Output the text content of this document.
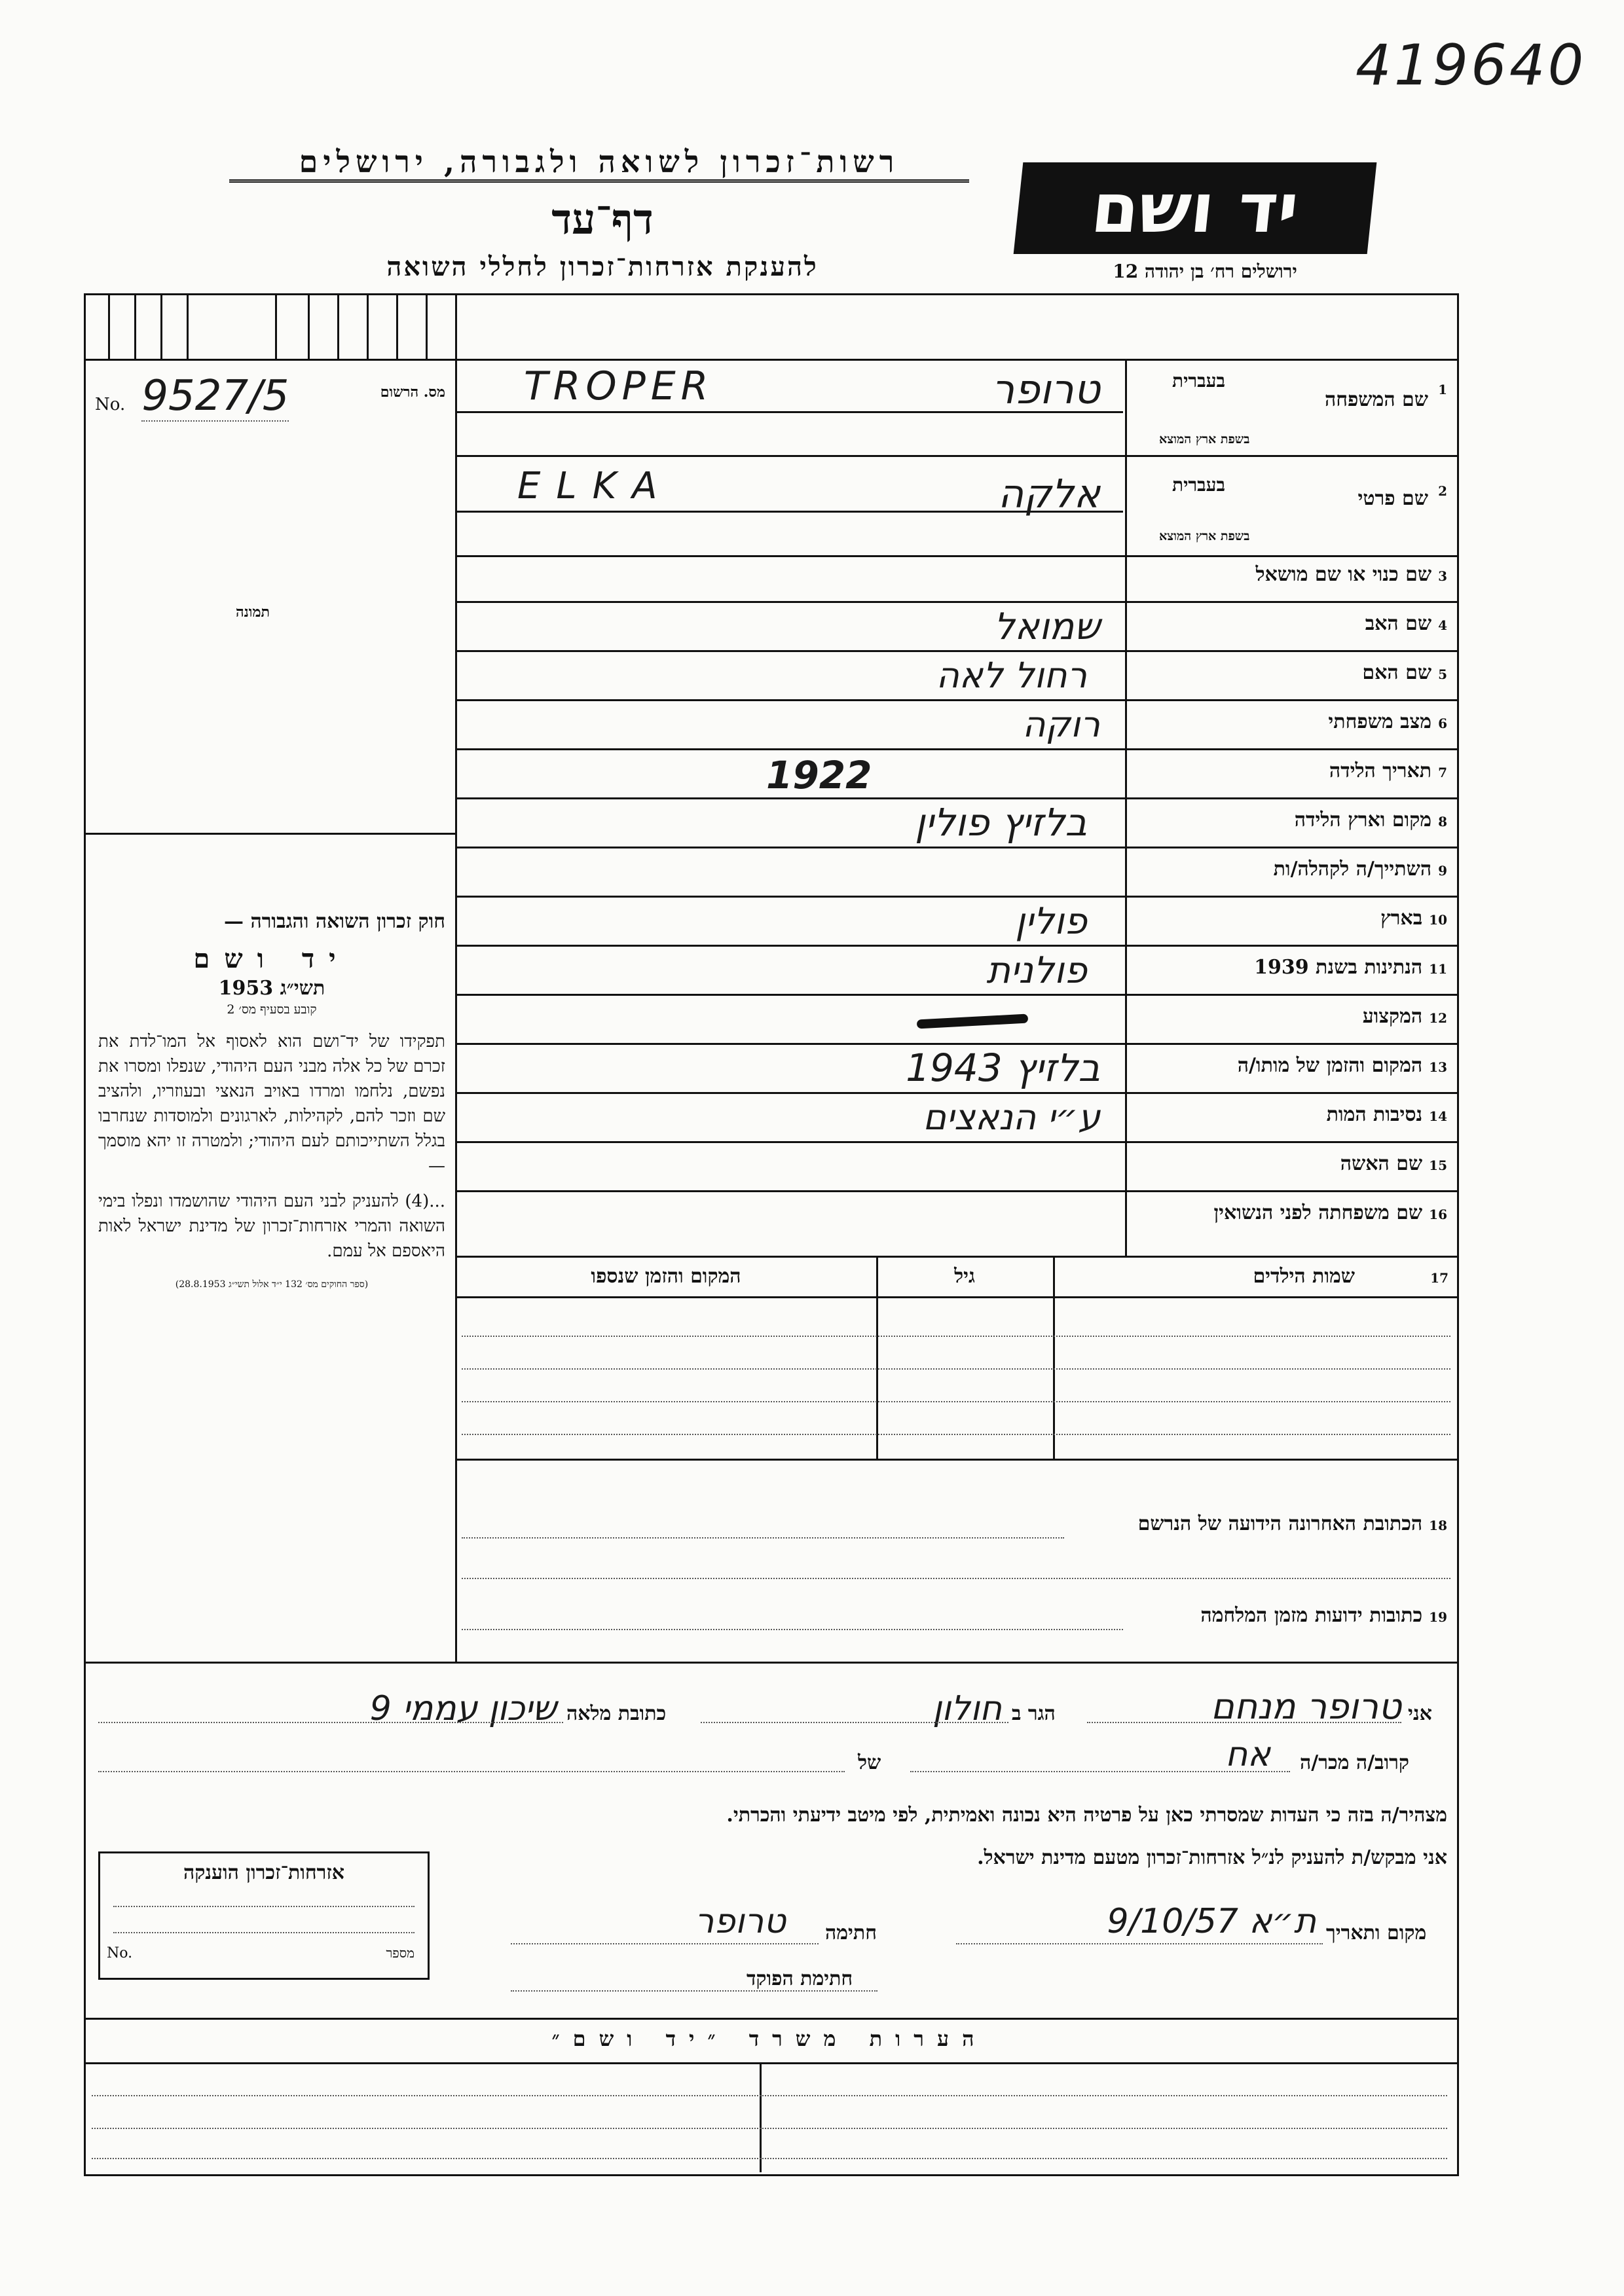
419640
רשות־זכרון לשואה ולגבורה, ירושלים
דף־עד
להענקת אזרחות־זכרון לחללי השואה
יד ושם
ירושלים רח׳ בן יהודה 12
No. 9527/5	מס. הרשום
תמונה
חוק זכרון השואה והגבורה —
יד ושם
תשי״ג 1953
קובע בסעיף מס׳ 2
תפקידו של יד־ושם הוא לאסוף אל המו־לדת את זכרם של כל אלה מבני העם היהודי, שנפלו ומסרו את נפשם, נלחמו ומרדו באויב הנאצי ובעוזריו, ולהציב שם וזכר להם, לקהילות, לארגונים ולמוסדות שנחרבו בגלל השתייכותם לעם היהודי; ולמטרה זו יהא מוסמך —
...(4) להעניק לבני העם היהודי שהושמדו ונפלו בימי השואה והמרי אזרחות־זכרון של מדינת ישראל לאות היאספם אל עמם.
(ספר החוקים מס׳ 132 י״ד אלול תשי״ג 28.8.1953)
1 שם המשפחה
בעברית
בשפת ארץ המוצא
טרופר
TROPER
2 שם פרטי
בעברית
בשפת ארץ המוצא
אלקה
ELKA
3שם כנוי או שם מושאל
4שם האב
שמואל
5שם האם
רחול לאה
6מצב משפחתי
רוקה
7תאריך הלידה
1922
8מקום וארץ הלידה
בלזיץ פולין
9השתייך/ה לקהלה/ות
10בארץ
פולין
11הנתינות בשנת 1939
פולנית
12המקצוע
13המקום והזמן של מותו/ה
בלזיץ 1943
14נסיבות המות
ע״י הנאצים
15שם האשה
16שם משפחתה לפני הנשואין
17 שמות הילדים
גיל
המקום והזמן שנספו
18הכתובת האחרונה הידועה של הנרשם
19כתובות ידועות מזמן המלחמה
אני
טרופר מנחם
הגר ב
חולון
כתובת מלאה
שיכון עממי 9
קרוב/ה מכר/ה
אח
של
מצהיר/ה בזה כי העדות שמסרתי כאן על פרטיה היא נכונה ואמיתית, לפי מיטב ידיעתי והכרתי.
אני מבקש/ת להעניק לנ״ל אזרחות־זכרון מטעם מדינת ישראל.
אזרחות־זכרון הוענקה
No.	מספר
מקום ותאריך
ת״א 9/10/57
חתימה
טרופר
חתימת הפוקד
הערות משרד ״יד ושם״
